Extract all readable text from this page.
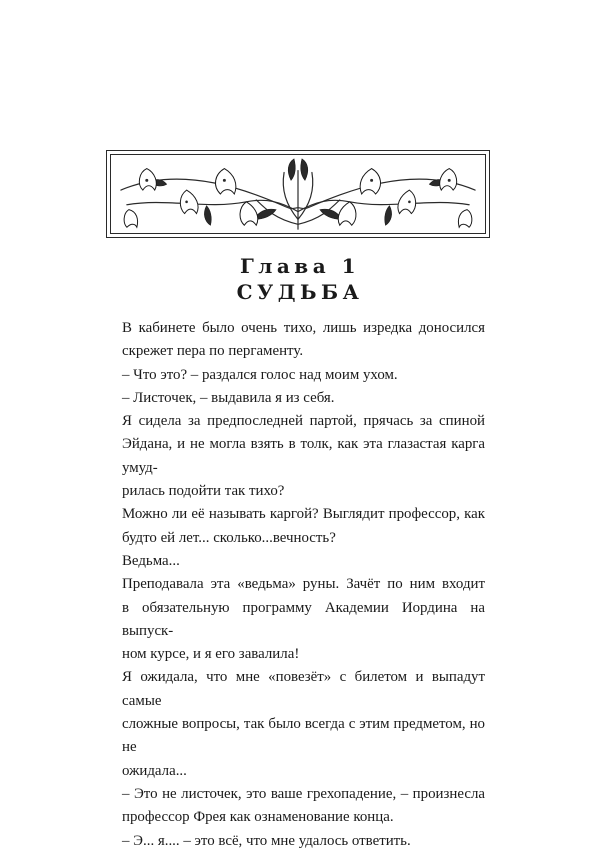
Глава 1
СУДЬБА
В кабинете было очень тихо, лишь изредка доносился
скрежет пера по пергаменту.
– Что это? – раздался голос над моим ухом.
– Листочек, – выдавила я из себя.
Я сидела за предпоследней партой, прячась за спиной
Эйдана, и не могла взять в толк, как эта глазастая карга умуд-
рилась подойти так тихо?
Можно ли её называть каргой? Выглядит профессор, как
будто ей лет... сколько...вечность?
Ведьма...
Преподавала эта «ведьма» руны. Зачёт по ним входит
в обязательную программу Академии Иордина на выпуск-
ном курсе, и я его завалила!
Я ожидала, что мне «повезёт» с билетом и выпадут самые
сложные вопросы, так было всегда с этим предметом, но не
ожидала...
– Это не листочек, это ваше грехопадение, – произнесла
профессор Фрея как ознаменование конца.
– Э... я.... – это всё, что мне удалось ответить.
